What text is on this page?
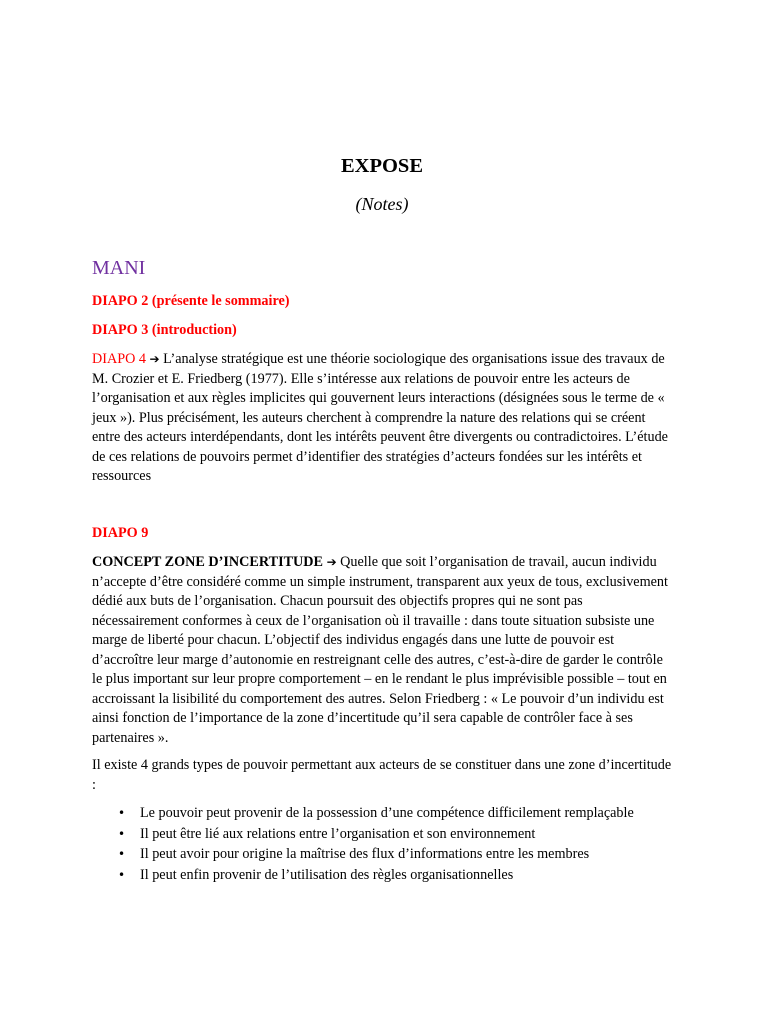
EXPOSE

(Notes)

MANI

DIAPO 2 (présente le sommaire)

DIAPO 3 (introduction)

DIAPO 4 ➔ L’analyse stratégique est une théorie sociologique des organisations issue des travaux de M. Crozier et E. Friedberg (1977). Elle s’intéresse aux relations de pouvoir entre les acteurs de l’organisation et aux règles implicites qui gouvernent leurs interactions (désignées sous le terme de « jeux »). Plus précisément, les auteurs cherchent à comprendre la nature des relations qui se créent entre des acteurs interdépendants, dont les intérêts peuvent être divergents ou contradictoires. L’étude de ces relations de pouvoirs permet d’identifier des stratégies d’acteurs fondées sur les intérêts et ressources

DIAPO 9

CONCEPT ZONE D’INCERTITUDE ➔ Quelle que soit l’organisation de travail, aucun individu n’accepte d’être considéré comme un simple instrument, transparent aux yeux de tous, exclusivement dédié aux buts de l’organisation. Chacun poursuit des objectifs propres qui ne sont pas nécessairement conformes à ceux de l’organisation où il travaille : dans toute situation subsiste une marge de liberté pour chacun. L’objectif des individus engagés dans une lutte de pouvoir est d’accroître leur marge d’autonomie en restreignant celle des autres, c’est-à-dire de garder le contrôle le plus important sur leur propre comportement – en le rendant le plus imprévisible possible – tout en accroissant la lisibilité du comportement des autres. Selon Friedberg : « Le pouvoir d’un individu est ainsi fonction de l’importance de la zone d’incertitude qu’il sera capable de contrôler face à ses partenaires ».

Il existe 4 grands types de pouvoir permettant aux acteurs de se constituer dans une zone d’incertitude :

• Le pouvoir peut provenir de la possession d’une compétence difficilement remplaçable
• Il peut être lié aux relations entre l’organisation et son environnement
• Il peut avoir pour origine la maîtrise des flux d’informations entre les membres
• Il peut enfin provenir de l’utilisation des règles organisationnelles
